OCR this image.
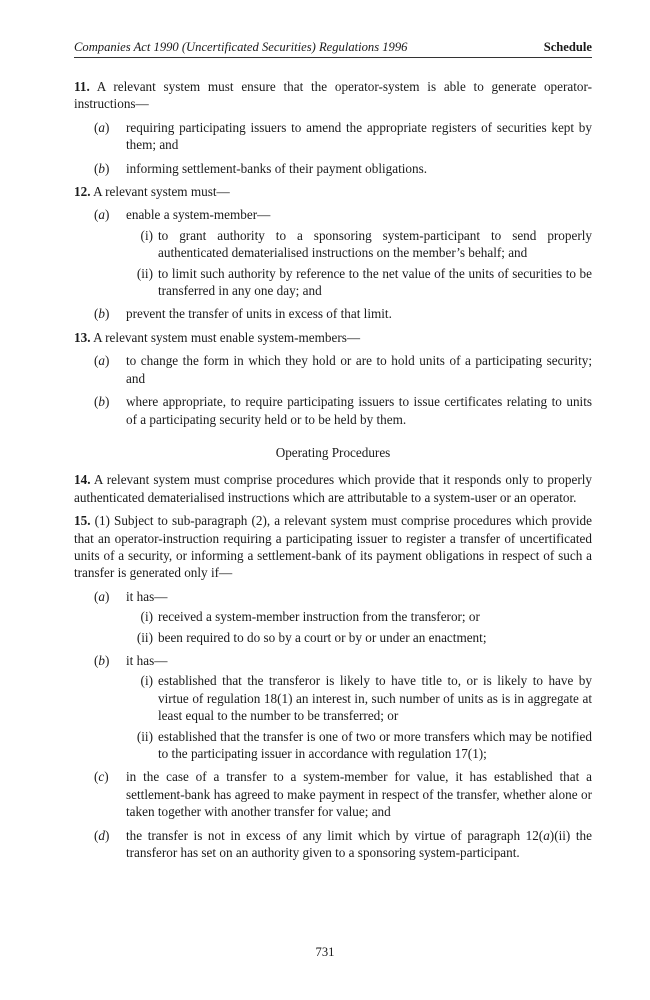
Companies Act 1990 (Uncertificated Securities) Regulations 1996	Schedule

11. A relevant system must ensure that the operator-system is able to generate operator-instructions—

(a)	requiring participating issuers to amend the appropriate registers of securities kept by them; and
(b)	informing settlement-banks of their payment obligations.

12. A relevant system must—

(a)	enable a system-member—
(i) to grant authority to a sponsoring system-participant to send properly authenticated dematerialised instructions on the member’s behalf; and
(ii) to limit such authority by reference to the net value of the units of securities to be transferred in any one day; and
(b)	prevent the transfer of units in excess of that limit.

13. A relevant system must enable system-members—

(a)	to change the form in which they hold or are to hold units of a participating security; and
(b)	where appropriate, to require participating issuers to issue certificates relating to units of a participating security held or to be held by them.
Operating Procedures

14. A relevant system must comprise procedures which provide that it responds only to properly authenticated dematerialised instructions which are attributable to a system-user or an operator.

15. (1) Subject to sub-paragraph (2), a relevant system must comprise procedures which provide that an operator-instruction requiring a participating issuer to register a transfer of uncertificated units of a security, or informing a settlement-bank of its payment obligations in respect of such a transfer is generated only if—

(a)	it has—
(i) received a system-member instruction from the transferor; or
(ii) been required to do so by a court or by or under an enactment;
(b)	it has—
(i) established that the transferor is likely to have title to, or is likely to have by virtue of regulation 18(1) an interest in, such number of units as is in aggregate at least equal to the number to be transferred; or
(ii) established that the transfer is one of two or more transfers which may be notified to the participating issuer in accordance with regulation 17(1);
(c)	in the case of a transfer to a system-member for value, it has established that a settlement-bank has agreed to make payment in respect of the transfer, whether alone or taken together with another transfer for value; and
(d)	the transfer is not in excess of any limit which by virtue of paragraph 12(a)(ii) the transferor has set on an authority given to a sponsoring system-participant.
731
